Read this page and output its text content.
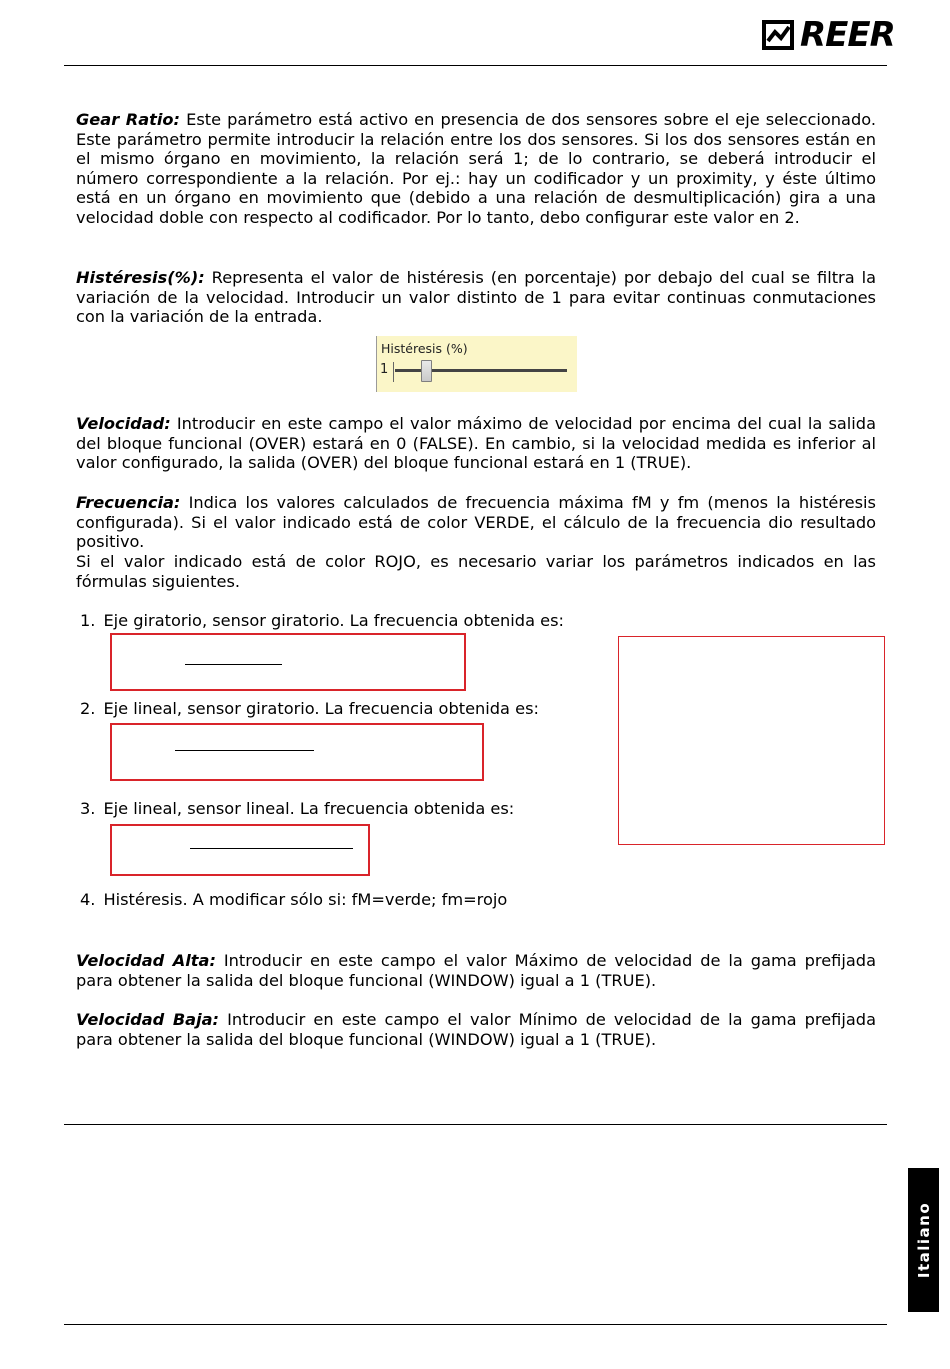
REER

Gear Ratio: Este parámetro está activo en presencia de dos sensores sobre el eje seleccionado. Este parámetro permite introducir la relación entre los dos sensores. Si los dos sensores están en el mismo órgano en movimiento, la relación será 1; de lo contrario, se deberá introducir el número correspondiente a la relación. Por ej.: hay un codificador y un proximity, y éste último está en un órgano en movimiento que (debido a una relación de desmultiplicación) gira a una velocidad doble con respecto al codificador. Por lo tanto, debo configurar este valor en 2.

Histéresis(%): Representa el valor de histéresis (en porcentaje) por debajo del cual se filtra la variación de la velocidad. Introducir un valor distinto de 1 para evitar continuas conmutaciones con la variación de la entrada.

Histéresis (%)
1

Velocidad: Introducir en este campo el valor máximo de velocidad por encima del cual la salida del bloque funcional (OVER) estará en 0 (FALSE). En cambio, si la velocidad medida es inferior al valor configurado, la salida (OVER) del bloque funcional estará en 1 (TRUE).

Frecuencia: Indica los valores calculados de frecuencia máxima fM y fm (menos la histéresis configurada). Si el valor indicado está de color VERDE, el cálculo de la frecuencia dio resultado positivo.

Si el valor indicado está de color ROJO, es necesario variar los parámetros indicados en las fórmulas siguientes.

1. Eje giratorio, sensor giratorio. La frecuencia obtenida es:
2. Eje lineal, sensor giratorio. La frecuencia obtenida es:
3. Eje lineal, sensor lineal. La frecuencia obtenida es:
4. Histéresis. A modificar sólo si: fM=verde; fm=rojo

Velocidad Alta: Introducir en este campo el valor Máximo de velocidad de la gama prefijada para obtener la salida del bloque funcional (WINDOW) igual a 1 (TRUE).

Velocidad Baja: Introducir en este campo el valor Mínimo de velocidad de la gama prefijada para obtener la salida del bloque funcional (WINDOW) igual a 1 (TRUE).

Italiano
